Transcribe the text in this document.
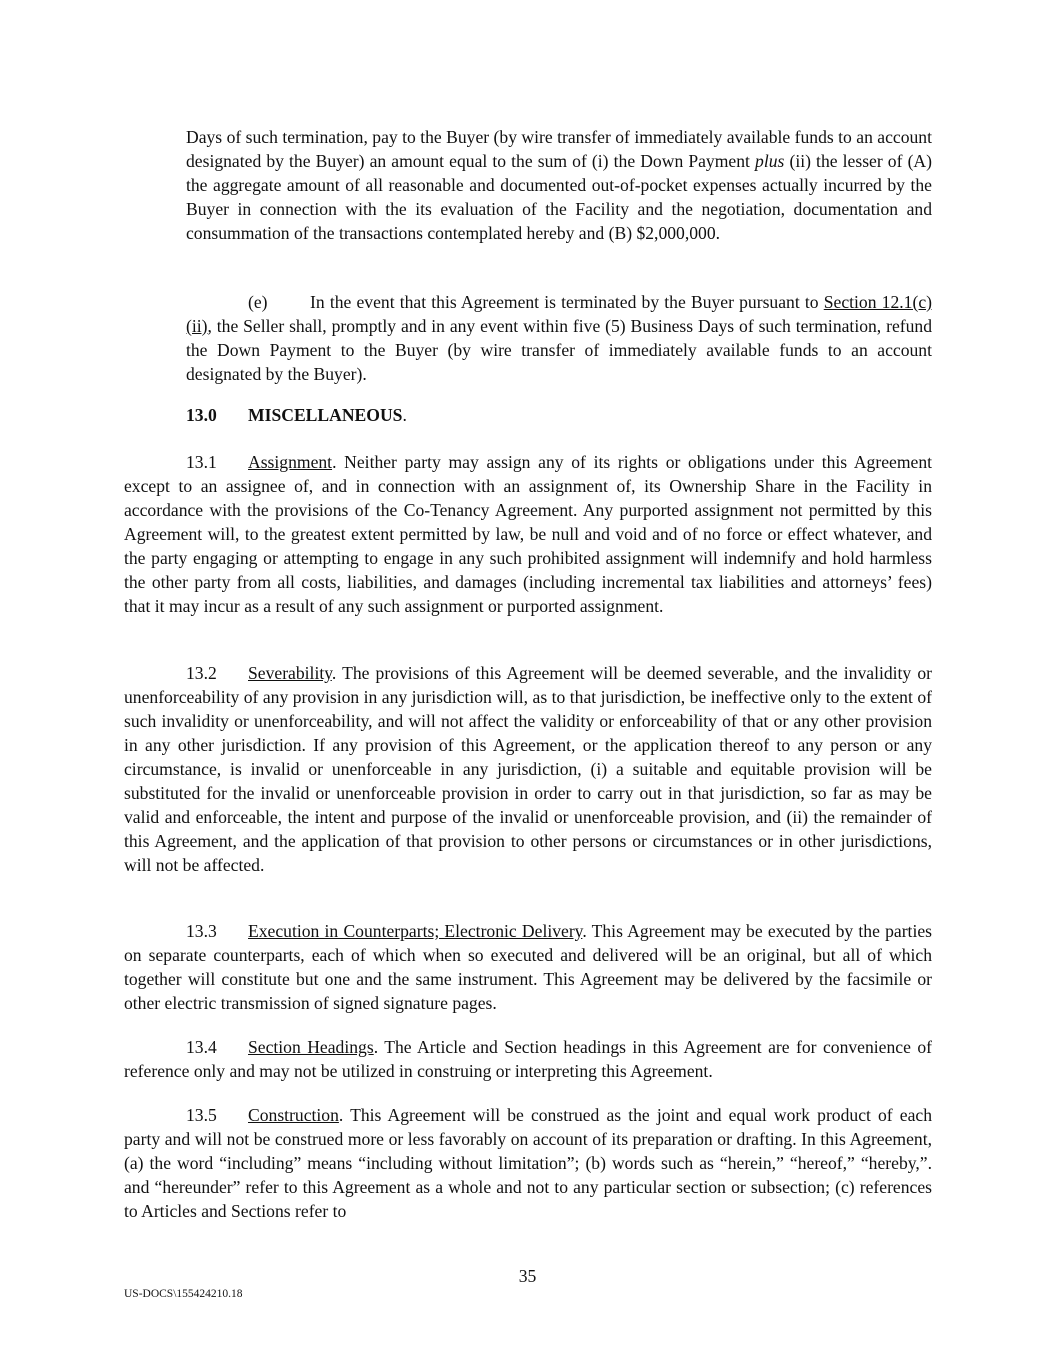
Days of such termination, pay to the Buyer (by wire transfer of immediately available funds to an account designated by the Buyer) an amount equal to the sum of (i) the Down Payment plus (ii) the lesser of (A) the aggregate amount of all reasonable and documented out-of-pocket expenses actually incurred by the Buyer in connection with the its evaluation of the Facility and the negotiation, documentation and consummation of the transactions contemplated hereby and (B) $2,000,000.

(e) In the event that this Agreement is terminated by the Buyer pursuant to Section 12.1(c)(ii), the Seller shall, promptly and in any event within five (5) Business Days of such termination, refund the Down Payment to the Buyer (by wire transfer of immediately available funds to an account designated by the Buyer).

13.0 MISCELLANEOUS.

13.1 Assignment. Neither party may assign any of its rights or obligations under this Agreement except to an assignee of, and in connection with an assignment of, its Ownership Share in the Facility in accordance with the provisions of the Co-Tenancy Agreement. Any purported assignment not permitted by this Agreement will, to the greatest extent permitted by law, be null and void and of no force or effect whatever, and the party engaging or attempting to engage in any such prohibited assignment will indemnify and hold harmless the other party from all costs, liabilities, and damages (including incremental tax liabilities and attorneys’ fees) that it may incur as a result of any such assignment or purported assignment.

13.2 Severability. The provisions of this Agreement will be deemed severable, and the invalidity or unenforceability of any provision in any jurisdiction will, as to that jurisdiction, be ineffective only to the extent of such invalidity or unenforceability, and will not affect the validity or enforceability of that or any other provision in any other jurisdiction. If any provision of this Agreement, or the application thereof to any person or any circumstance, is invalid or unenforceable in any jurisdiction, (i) a suitable and equitable provision will be substituted for the invalid or unenforceable provision in order to carry out in that jurisdiction, so far as may be valid and enforceable, the intent and purpose of the invalid or unenforceable provision, and (ii) the remainder of this Agreement, and the application of that provision to other persons or circumstances or in other jurisdictions, will not be affected.

13.3 Execution in Counterparts; Electronic Delivery. This Agreement may be executed by the parties on separate counterparts, each of which when so executed and delivered will be an original, but all of which together will constitute but one and the same instrument. This Agreement may be delivered by the facsimile or other electric transmission of signed signature pages.

13.4 Section Headings. The Article and Section headings in this Agreement are for convenience of reference only and may not be utilized in construing or interpreting this Agreement.

13.5 Construction. This Agreement will be construed as the joint and equal work product of each party and will not be construed more or less favorably on account of its preparation or drafting. In this Agreement, (a) the word “including” means “including without limitation”; (b) words such as “herein,” “hereof,” “hereby,”. and “hereunder” refer to this Agreement as a whole and not to any particular section or subsection; (c) references to Articles and Sections refer to

35
US-DOCS\155424210.18
